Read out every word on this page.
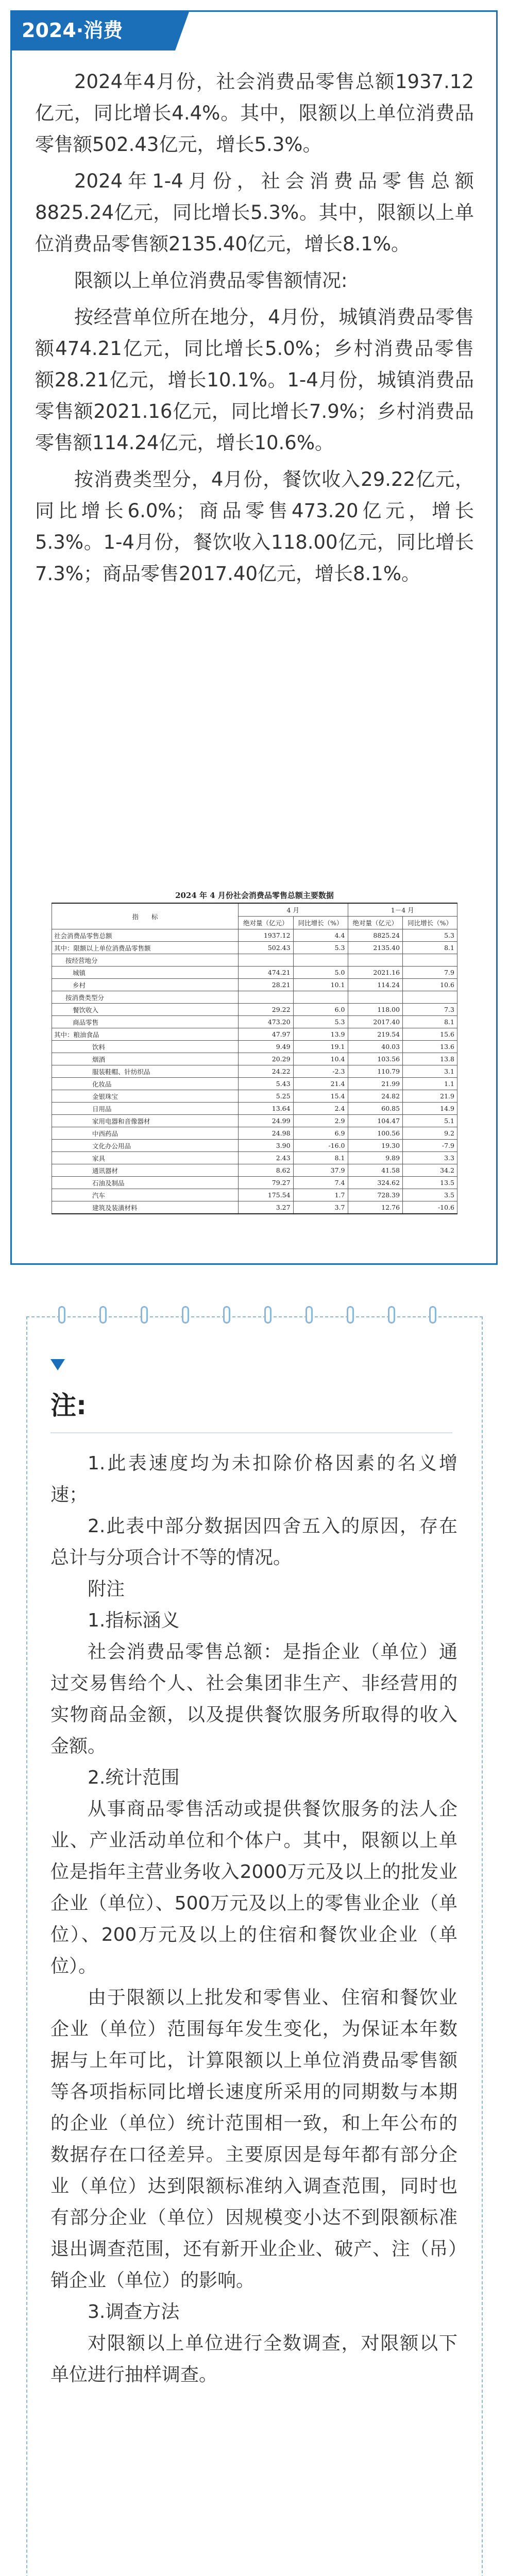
2024·消费

2024年4月份，社会消费品零售总额1937.12亿元，同比增长4.4%。其中，限额以上单位消费品零售额502.43亿元，增长5.3%。

2024年1-4月份，社会消费品零售总额8825.24亿元，同比增长5.3%。其中，限额以上单位消费品零售额2135.40亿元，增长8.1%。

限额以上单位消费品零售额情况:

按经营单位所在地分，4月份，城镇消费品零售额474.21亿元，同比增长5.0%；乡村消费品零售额28.21亿元，增长10.1%。1-4月份，城镇消费品零售额2021.16亿元，同比增长7.9%；乡村消费品零售额114.24亿元，增长10.6%。

按消费类型分，4月份，餐饮收入29.22亿元，同比增长6.0%；商品零售473.20亿元，增长5.3%。1-4月份，餐饮收入118.00亿元，同比增长7.3%；商品零售2017.40亿元，增长8.1%。

2024 年 4 月份社会消费品零售总额主要数据
指　　标	4 月		1－4 月	
	绝对量（亿元）	同比增长（%）	绝对量（亿元）	同比增长（%）
社会消费品零售总额	1937.12	4.4	8825.24	5.3
其中：限额以上单位消费品零售额	502.43	5.3	2135.40	8.1
按经营地分				
城镇	474.21	5.0	2021.16	7.9
乡村	28.21	10.1	114.24	10.6
按消费类型分				
餐饮收入	29.22	6.0	118.00	7.3
商品零售	473.20	5.3	2017.40	8.1
其中：粮油食品	47.97	13.9	219.54	15.6
饮料	9.49	19.1	40.03	13.6
烟酒	20.29	10.4	103.56	13.8
服装鞋帽、针纺织品	24.22	-2.3	110.79	3.1
化妆品	5.43	21.4	21.99	1.1
金银珠宝	5.25	15.4	24.82	21.9
日用品	13.64	2.4	60.85	14.9
家用电器和音像器材	24.99	2.9	104.47	5.1
中西药品	24.98	6.9	100.56	9.2
文化办公用品	3.90	-16.0	19.30	-7.9
家具	2.43	8.1	9.89	3.3
通讯器材	8.62	37.9	41.58	34.2
石油及制品	79.27	7.4	324.62	13.5
汽车	175.54	1.7	728.39	3.5
建筑及装潢材料	3.27	3.7	12.76	-10.6
注:

1.此表速度均为未扣除价格因素的名义增速；

2.此表中部分数据因四舍五入的原因，存在总计与分项合计不等的情况。

附注

1.指标涵义

社会消费品零售总额：是指企业（单位）通过交易售给个人、社会集团非生产、非经营用的实物商品金额，以及提供餐饮服务所取得的收入金额。

2.统计范围

从事商品零售活动或提供餐饮服务的法人企业、产业活动单位和个体户。其中，限额以上单位是指年主营业务收入2000万元及以上的批发业企业（单位）、500万元及以上的零售业企业（单位）、200万元及以上的住宿和餐饮业企业（单位）。

由于限额以上批发和零售业、住宿和餐饮业企业（单位）范围每年发生变化，为保证本年数据与上年可比，计算限额以上单位消费品零售额等各项指标同比增长速度所采用的同期数与本期的企业（单位）统计范围相一致，和上年公布的数据存在口径差异。主要原因是每年都有部分企业（单位）达到限额标准纳入调查范围，同时也有部分企业（单位）因规模变小达不到限额标准退出调查范围，还有新开业企业、破产、注（吊）销企业（单位）的影响。

3.调查方法

对限额以上单位进行全数调查，对限额以下单位进行抽样调查。
